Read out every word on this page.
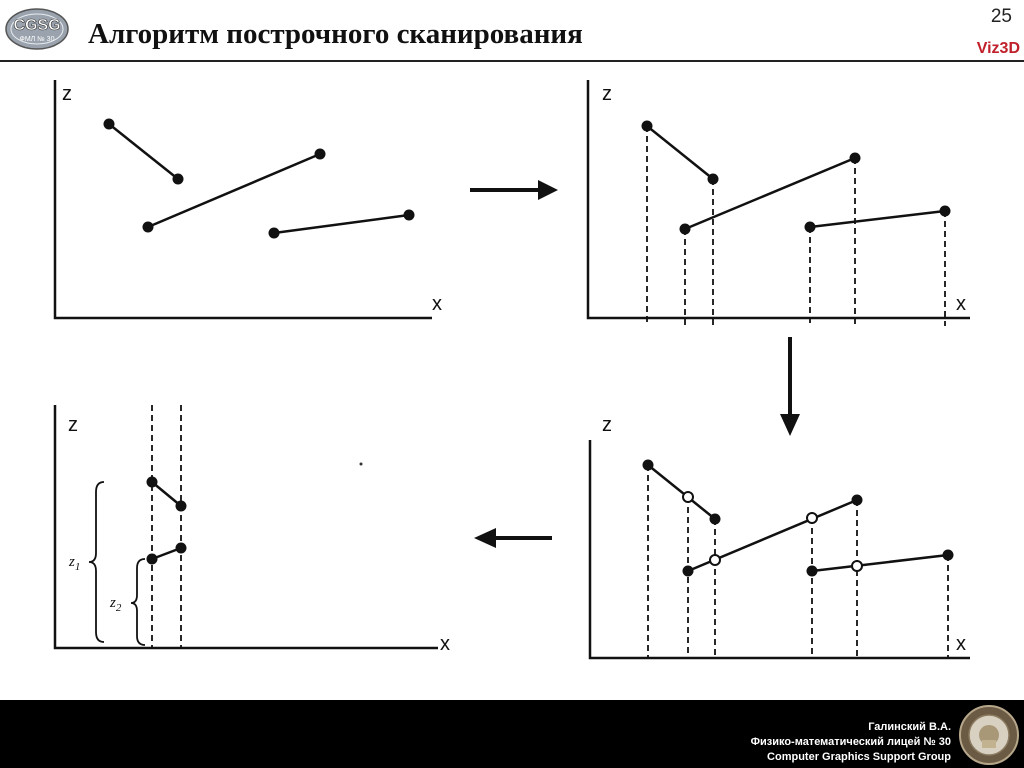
CGSG
ФМЛ № 30 Алгоритм построчного сканирования
25
Viz3D
z
x
z
x
z
x
z
x
$z_1$
$z_2$
Галинский В.А.
Физико-математический лицей № 30
Computer Graphics Support Group
